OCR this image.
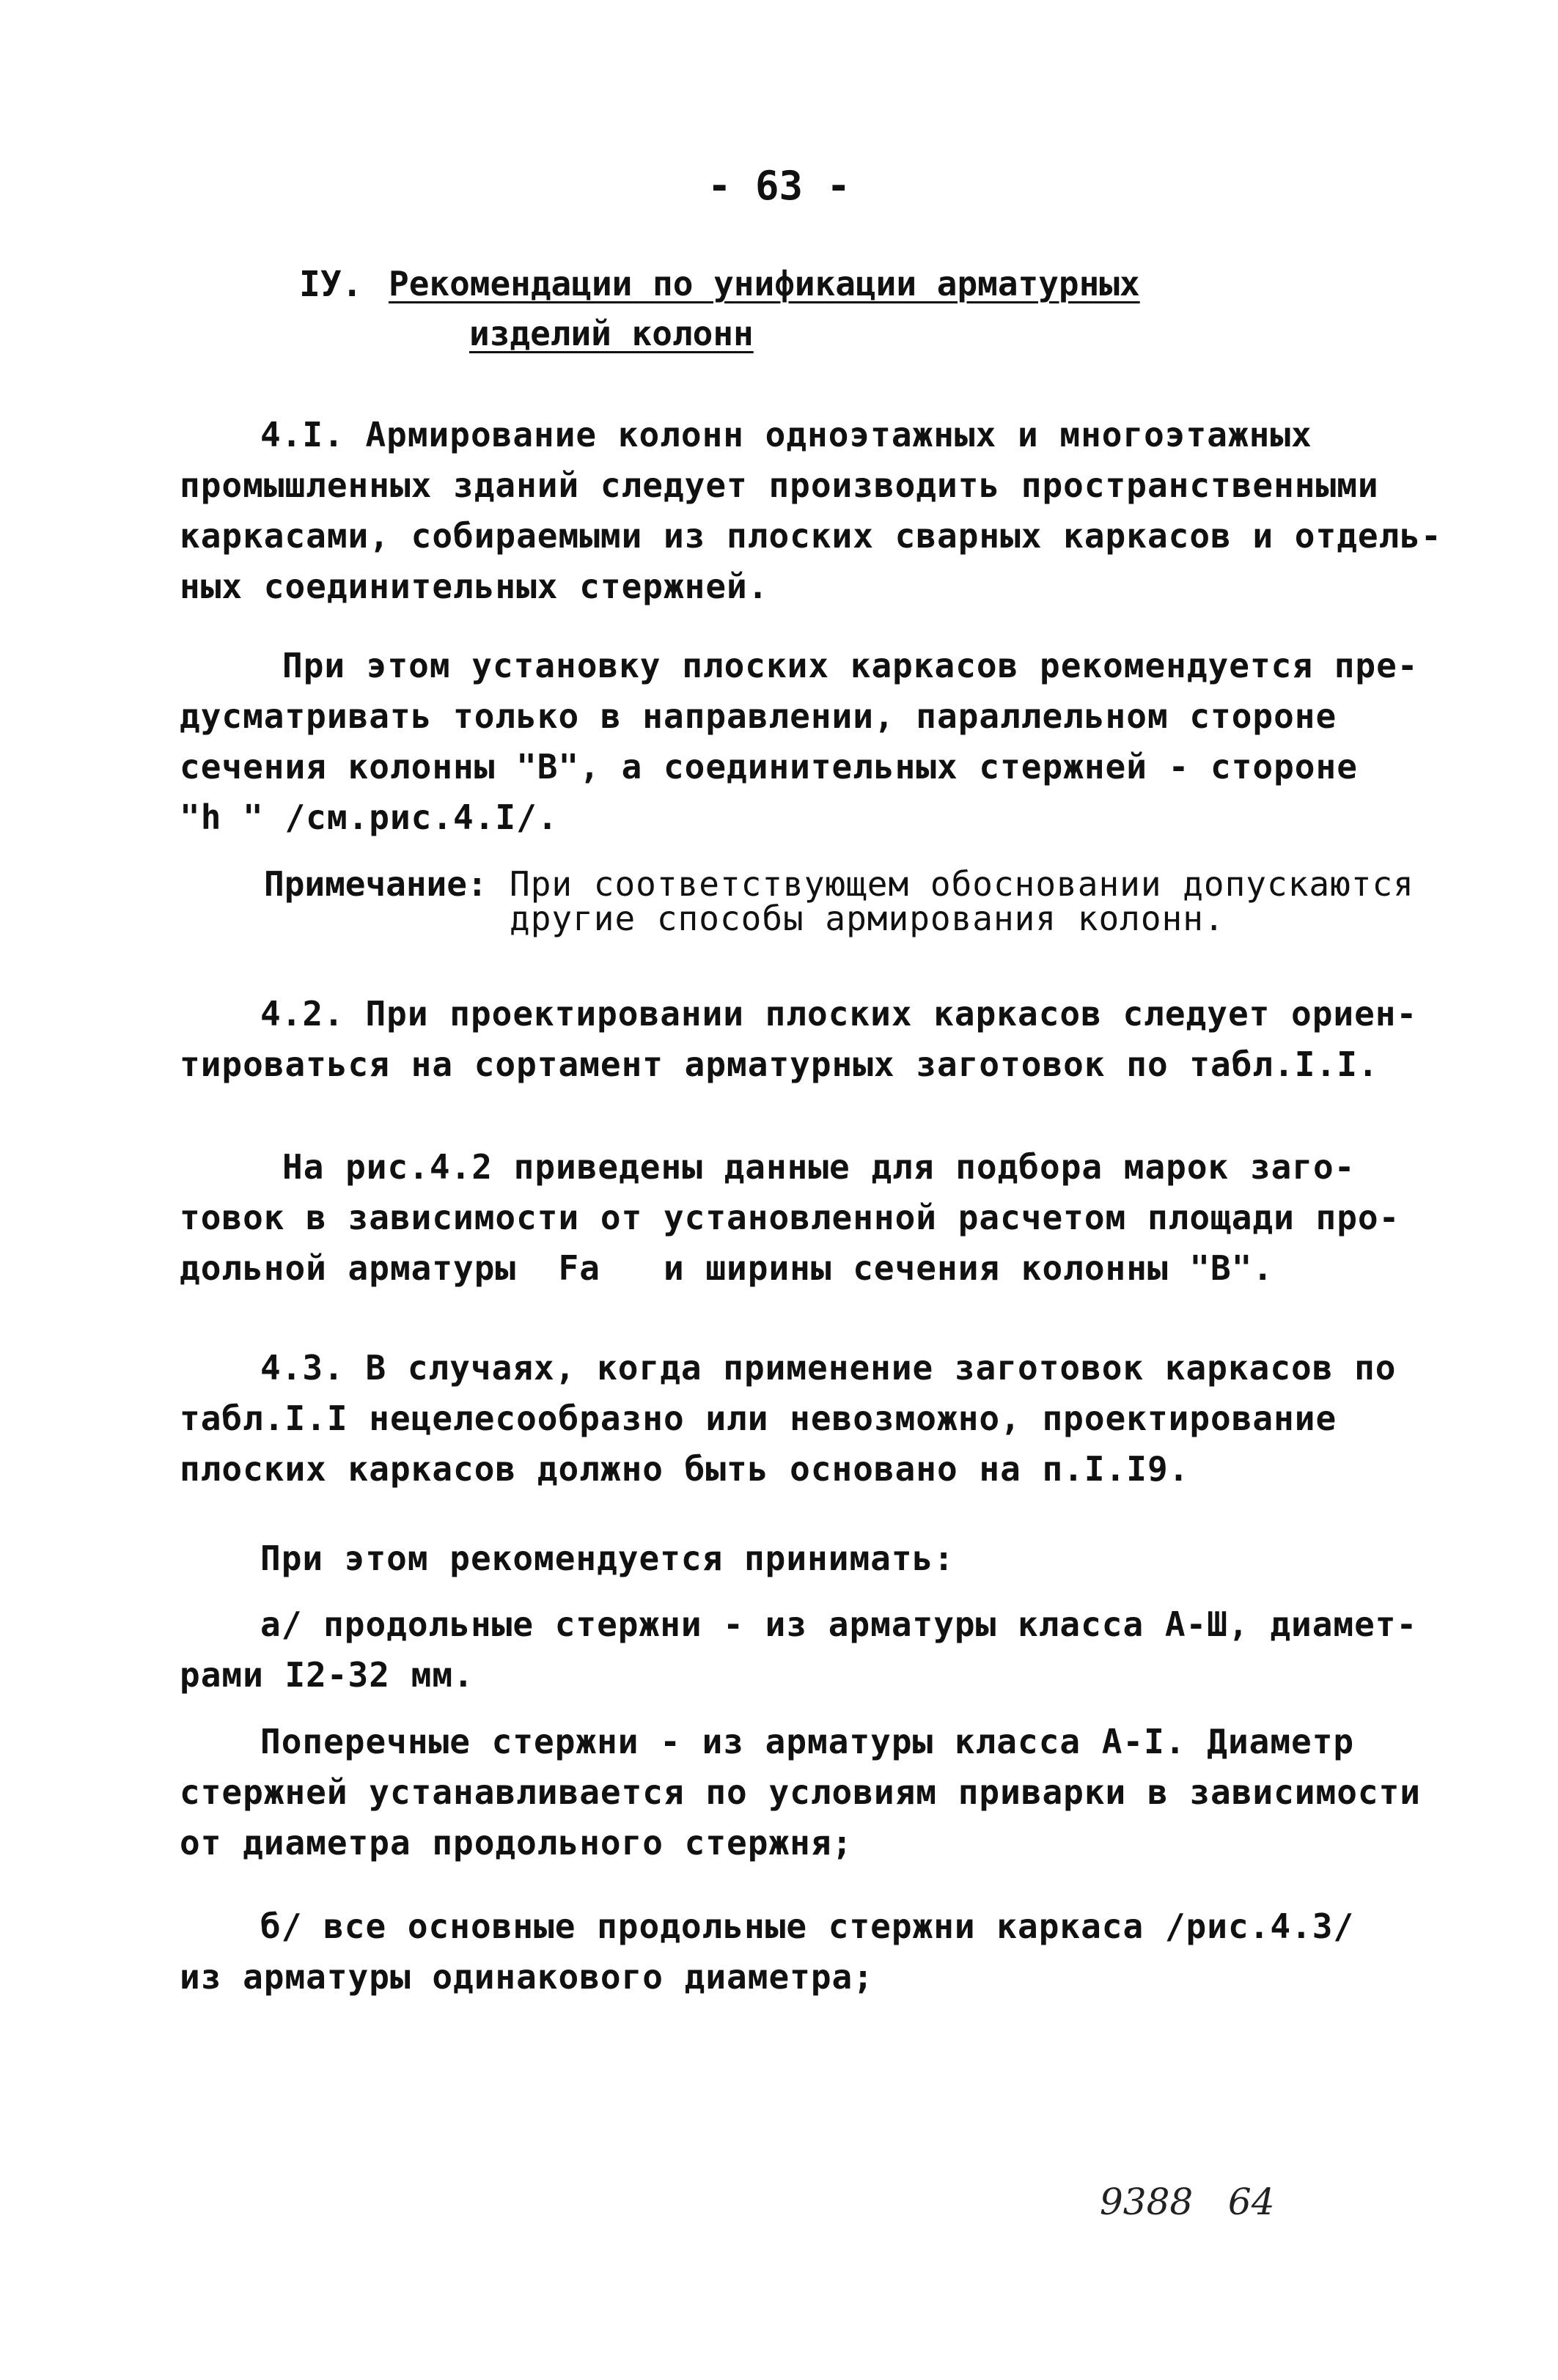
- 63 -
IУ. Рекомендации по унификации арматурных
изделий колонн
4.I. Армирование колонн одноэтажных и многоэтажных
промышленных зданий следует производить пространственными
каркасами, собираемыми из плоских сварных каркасов и отдель-
ных соединительных стержней.
При этом установку плоских каркасов рекомендуется пре-
дусматривать только в направлении, параллельном стороне
сечения колонны "В", а соединительных стержней - стороне
"h " /см.рис.4.I/.
Примечание: При соответствующем обосновании допускаются
другие способы армирования колонн.
4.2. При проектировании плоских каркасов следует ориен-
тироваться на сортамент арматурных заготовок по табл.I.I.
На рис.4.2 приведены данные для подбора марок заго-
товок в зависимости от установленной расчетом площади про-
дольной арматуры  Fa   и ширины сечения колонны "В".
4.3. В случаях, когда применение заготовок каркасов по
табл.I.I нецелесообразно или невозможно, проектирование
плоских каркасов должно быть основано на п.I.I9.
При этом рекомендуется принимать:
а/ продольные стержни - из арматуры класса А-Ш, диамет-
рами I2-32 мм.
Поперечные стержни - из арматуры класса А-I. Диаметр
стержней устанавливается по условиям приварки в зависимости
от диаметра продольного стержня;
б/ все основные продольные стержни каркаса /рис.4.3/
из арматуры одинакового диаметра;
9388   64
